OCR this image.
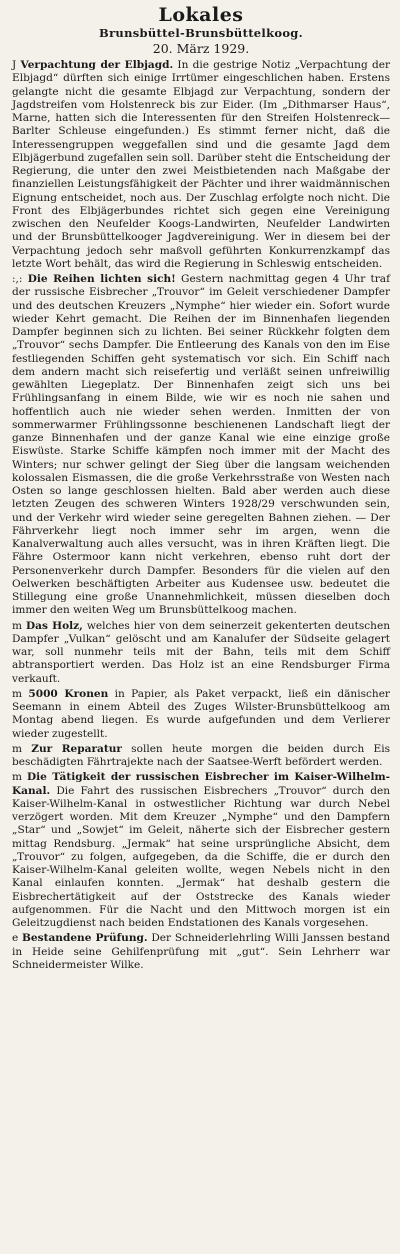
Lokales
Brunsbüttel-Brunsbüttelkoog.
20. März 1929.

J Verpachtung der Elbjagd. In die gestrige Notiz „Verpachtung der Elbjagd“ dürften sich einige Irrtümer eingeschlichen haben. Erstens gelangte nicht die gesamte Elbjagd zur Verpachtung, sondern der Jagdstreifen vom Holstenreck bis zur Eider. (Im „Dithmarser Haus“, Marne, hatten sich die Interessenten für den Streifen Holstenreck—Barlter Schleuse eingefunden.) Es stimmt ferner nicht, daß die Interessengruppen weggefallen sind und die gesamte Jagd dem Elbjägerbund zugefallen sein soll. Darüber steht die Entscheidung der Regierung, die unter den zwei Meistbietenden nach Maßgabe der finanziellen Leistungsfähigkeit der Pächter und ihrer waidmännischen Eignung entscheidet, noch aus. Der Zuschlag erfolgte noch nicht. Die Front des Elbjägerbundes richtet sich gegen eine Vereinigung zwischen den Neufelder Koogs-Landwirten, Neufelder Landwirten und der Brunsbüttelkooger Jagdvereinigung. Wer in diesem bei der Verpachtung jedoch sehr maßvoll geführten Konkurrenzkampf das letzte Wort behält, das wird die Regierung in Schleswig entscheiden.

:,: Die Reihen lichten sich! Gestern nachmittag gegen 4 Uhr traf der russische Eisbrecher „Trouvor“ im Geleit verschiedener Dampfer und des deutschen Kreuzers „Nymphe“ hier wieder ein. Sofort wurde wieder Kehrt gemacht. Die Reihen der im Binnenhafen liegenden Dampfer beginnen sich zu lichten. Bei seiner Rückkehr folgten dem „Trouvor“ sechs Dampfer. Die Entleerung des Kanals von den im Eise festliegenden Schiffen geht systematisch vor sich. Ein Schiff nach dem andern macht sich reisefertig und verläßt seinen unfreiwillig gewählten Liegeplatz. Der Binnenhafen zeigt sich uns bei Frühlingsanfang in einem Bilde, wie wir es noch nie sahen und hoffentlich auch nie wieder sehen werden. Inmitten der von sommerwarmer Frühlingssonne beschienenen Landschaft liegt der ganze Binnenhafen und der ganze Kanal wie eine einzige große Eiswüste. Starke Schiffe kämpfen noch immer mit der Macht des Winters; nur schwer gelingt der Sieg über die langsam weichenden kolossalen Eismassen, die die große Verkehrsstraße von Westen nach Osten so lange geschlossen hielten. Bald aber werden auch diese letzten Zeugen des schweren Winters 1928/29 verschwunden sein, und der Verkehr wird wieder seine geregelten Bahnen ziehen. — Der Fährverkehr liegt noch immer sehr im argen, wenn die Kanalverwaltung auch alles versucht, was in ihren Kräften liegt. Die Fähre Ostermoor kann nicht verkehren, ebenso ruht dort der Personenverkehr durch Dampfer. Besonders für die vielen auf den Oelwerken beschäftigten Arbeiter aus Kudensee usw. bedeutet die Stillegung eine große Unannehmlichkeit, müssen dieselben doch immer den weiten Weg um Brunsbüttelkoog machen.

m Das Holz, welches hier von dem seinerzeit gekenterten deutschen Dampfer „Vulkan“ gelöscht und am Kanalufer der Südseite gelagert war, soll nunmehr teils mit der Bahn, teils mit dem Schiff abtransportiert werden. Das Holz ist an eine Rendsburger Firma verkauft.

m 5000 Kronen in Papier, als Paket verpackt, ließ ein dänischer Seemann in einem Abteil des Zuges Wilster-Brunsbüttelkoog am Montag abend liegen. Es wurde aufgefunden und dem Verlierer wieder zugestellt.

m Zur Reparatur sollen heute morgen die beiden durch Eis beschädigten Fährtrajekte nach der Saatsee-Werft befördert werden.

m Die Tätigkeit der russischen Eisbrecher im Kaiser-Wilhelm-Kanal. Die Fahrt des russischen Eisbrechers „Trouvor“ durch den Kaiser-Wilhelm-Kanal in ostwestlicher Richtung war durch Nebel verzögert worden. Mit dem Kreuzer „Nymphe“ und den Dampfern „Star“ und „Sowjet“ im Geleit, näherte sich der Eisbrecher gestern mittag Rendsburg. „Jermak“ hat seine ursprüngliche Absicht, dem „Trouvor“ zu folgen, aufgegeben, da die Schiffe, die er durch den Kaiser-Wilhelm-Kanal geleiten wollte, wegen Nebels nicht in den Kanal einlaufen konnten. „Jermak“ hat deshalb gestern die Eisbrechertätigkeit auf der Oststrecke des Kanals wieder aufgenommen. Für die Nacht und den Mittwoch morgen ist ein Geleitzugdienst nach beiden Endstationen des Kanals vorgesehen.

e Bestandene Prüfung. Der Schneiderlehrling Willi Janssen bestand in Heide seine Gehilfenprüfung mit „gut“. Sein Lehrherr war Schneidermeister Wilke.
